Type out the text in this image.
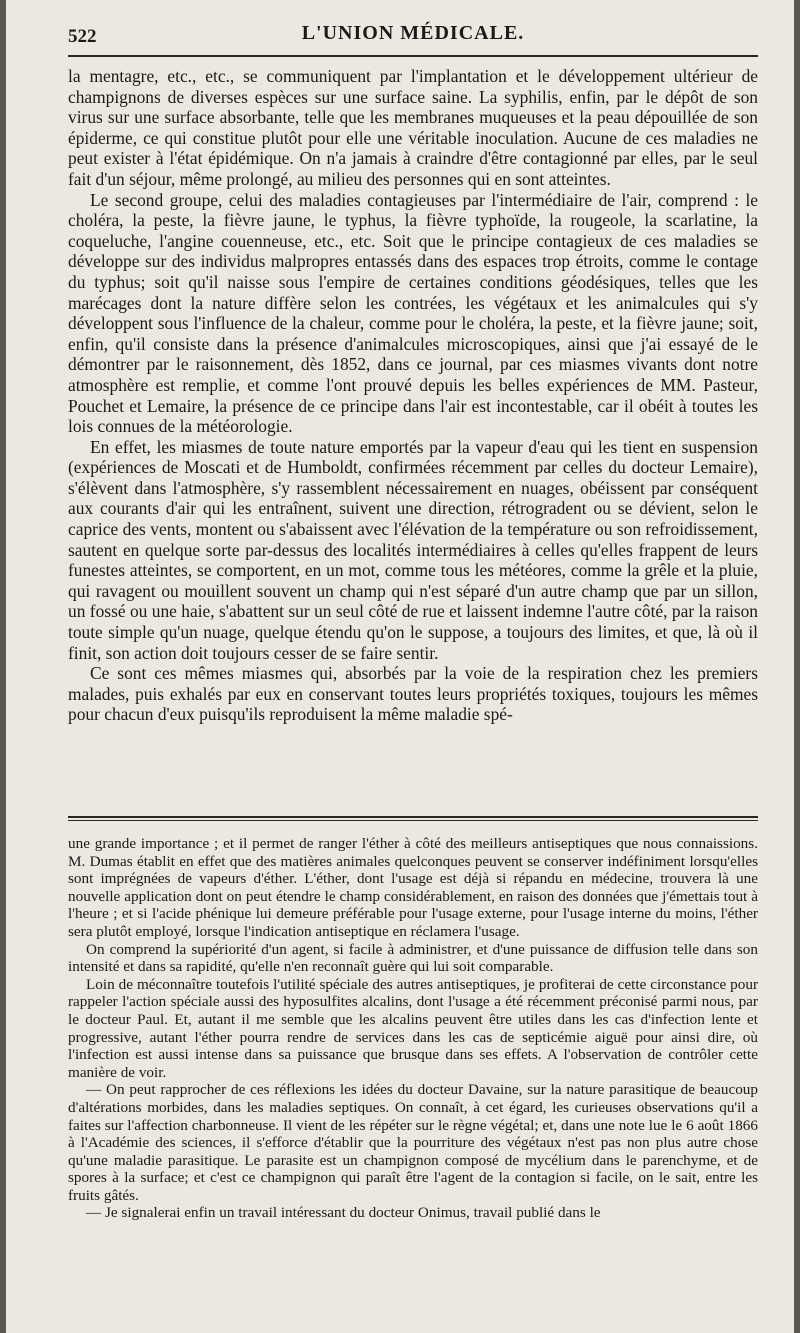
522	L'UNION MÉDICALE.

la mentagre, etc., etc., se communiquent par l'implantation et le développement ultérieur de champignons de diverses espèces sur une surface saine. La syphilis, enfin, par le dépôt de son virus sur une surface absorbante, telle que les membranes muqueuses et la peau dépouillée de son épiderme, ce qui constitue plutôt pour elle une véritable inoculation. Aucune de ces maladies ne peut exister à l'état épidémique. On n'a jamais à craindre d'être contagionné par elles, par le seul fait d'un séjour, même prolongé, au milieu des personnes qui en sont atteintes.

Le second groupe, celui des maladies contagieuses par l'intermédiaire de l'air, comprend : le choléra, la peste, la fièvre jaune, le typhus, la fièvre typhoïde, la rougeole, la scarlatine, la coqueluche, l'angine couenneuse, etc., etc. Soit que le principe contagieux de ces maladies se développe sur des individus malpropres entassés dans des espaces trop étroits, comme le contage du typhus; soit qu'il naisse sous l'empire de certaines conditions géodésiques, telles que les marécages dont la nature diffère selon les contrées, les végétaux et les animalcules qui s'y développent sous l'influence de la chaleur, comme pour le choléra, la peste, et la fièvre jaune; soit, enfin, qu'il consiste dans la présence d'animalcules microscopiques, ainsi que j'ai essayé de le démontrer par le raisonnement, dès 1852, dans ce journal, par ces miasmes vivants dont notre atmosphère est remplie, et comme l'ont prouvé depuis les belles expériences de MM. Pasteur, Pouchet et Lemaire, la présence de ce principe dans l'air est incontestable, car il obéit à toutes les lois connues de la météorologie.

En effet, les miasmes de toute nature emportés par la vapeur d'eau qui les tient en suspension (expériences de Moscati et de Humboldt, confirmées récemment par celles du docteur Lemaire), s'élèvent dans l'atmosphère, s'y rassemblent nécessairement en nuages, obéissent par conséquent aux courants d'air qui les entraînent, suivent une direction, rétrogradent ou se dévient, selon le caprice des vents, montent ou s'abaissent avec l'élévation de la température ou son refroidissement, sautent en quelque sorte par-dessus des localités intermédiaires à celles qu'elles frappent de leurs funestes atteintes, se comportent, en un mot, comme tous les météores, comme la grêle et la pluie, qui ravagent ou mouillent souvent un champ qui n'est séparé d'un autre champ que par un sillon, un fossé ou une haie, s'abattent sur un seul côté de rue et laissent indemne l'autre côté, par la raison toute simple qu'un nuage, quelque étendu qu'on le suppose, a toujours des limites, et que, là où il finit, son action doit toujours cesser de se faire sentir.

Ce sont ces mêmes miasmes qui, absorbés par la voie de la respiration chez les premiers malades, puis exhalés par eux en conservant toutes leurs propriétés toxiques, toujours les mêmes pour chacun d'eux puisqu'ils reproduisent la même maladie spé-

une grande importance ; et il permet de ranger l'éther à côté des meilleurs antiseptiques que nous connaissions. M. Dumas établit en effet que des matières animales quelconques peuvent se conserver indéfiniment lorsqu'elles sont imprégnées de vapeurs d'éther. L'éther, dont l'usage est déjà si répandu en médecine, trouvera là une nouvelle application dont on peut étendre le champ considérablement, en raison des données que j'émettais tout à l'heure ; et si l'acide phénique lui demeure préférable pour l'usage externe, pour l'usage interne du moins, l'éther sera plutôt employé, lorsque l'indication antiseptique en réclamera l'usage.

On comprend la supériorité d'un agent, si facile à administrer, et d'une puissance de diffusion telle dans son intensité et dans sa rapidité, qu'elle n'en reconnaît guère qui lui soit comparable.

Loin de méconnaître toutefois l'utilité spéciale des autres antiseptiques, je profiterai de cette circonstance pour rappeler l'action spéciale aussi des hyposulfites alcalins, dont l'usage a été récemment préconisé parmi nous, par le docteur Paul. Et, autant il me semble que les alcalins peuvent être utiles dans les cas d'infection lente et progressive, autant l'éther pourra rendre de services dans les cas de septicémie aiguë pour ainsi dire, où l'infection est aussi intense dans sa puissance que brusque dans ses effets. A l'observation de contrôler cette manière de voir.

— On peut rapprocher de ces réflexions les idées du docteur Davaine, sur la nature parasitique de beaucoup d'altérations morbides, dans les maladies septiques. On connaît, à cet égard, les curieuses observations qu'il a faites sur l'affection charbonneuse. Il vient de les répéter sur le règne végétal; et, dans une note lue le 6 août 1866 à l'Académie des sciences, il s'efforce d'établir que la pourriture des végétaux n'est pas non plus autre chose qu'une maladie parasitique. Le parasite est un champignon composé de mycélium dans le parenchyme, et de spores à la surface; et c'est ce champignon qui paraît être l'agent de la contagion si facile, on le sait, entre les fruits gâtés.

— Je signalerai enfin un travail intéressant du docteur Onimus, travail publié dans le
